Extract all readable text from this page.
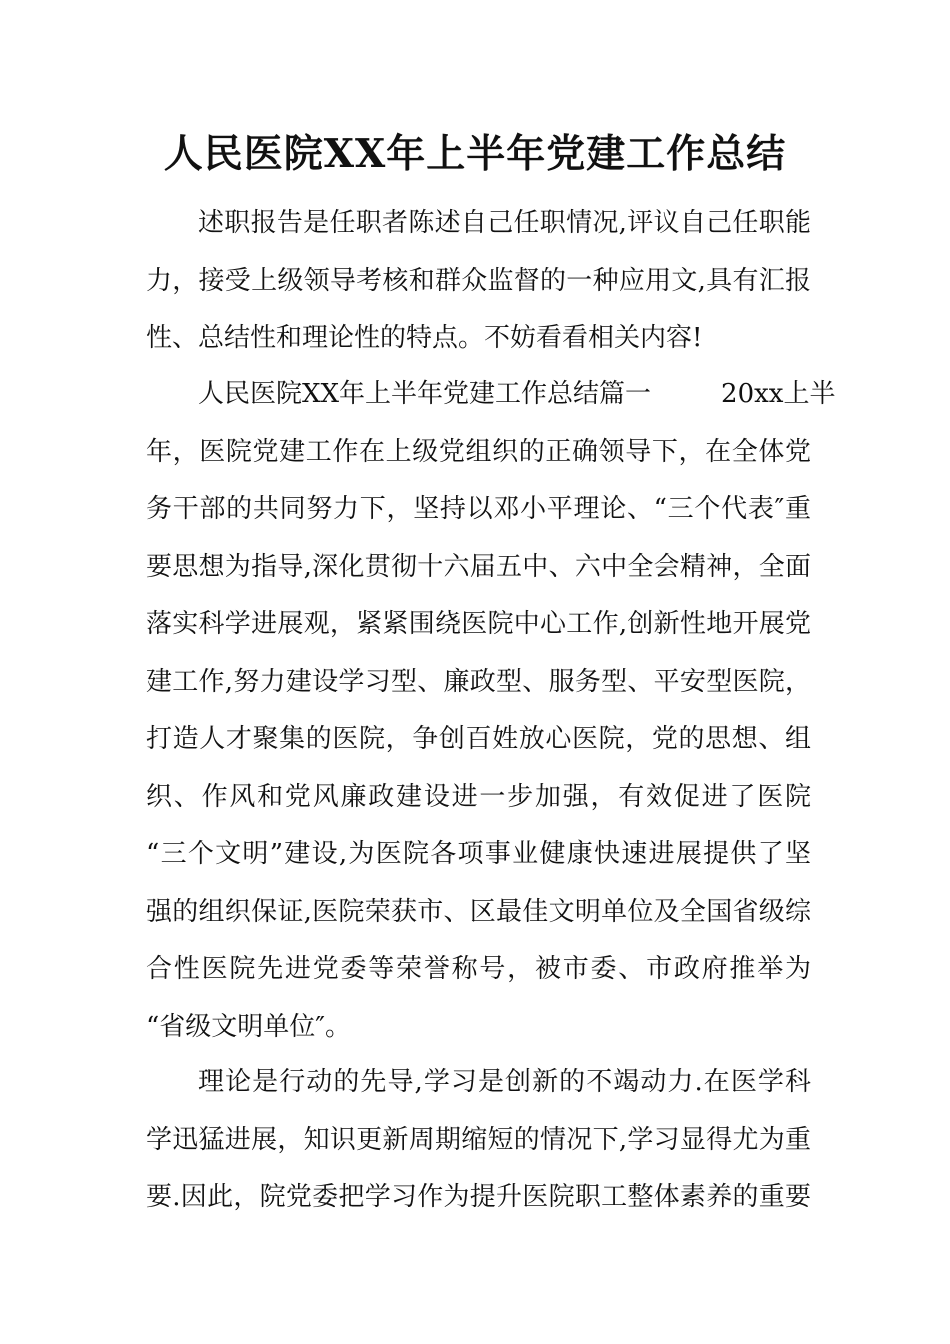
人民医院XX年上半年党建工作总结
述职报告是任职者陈述自己任职情况,评议自己任职能
力，接受上级领导考核和群众监督的一种应用文,具有汇报
性、总结性和理论性的特点。不妨看看相关内容!
人民医院XX年上半年党建工作总结篇一	20xx上半
年，医院党建工作在上级党组织的正确领导下，在全体党
务干部的共同努力下，坚持以邓小平理论、“三个代表″重
要思想为指导,深化贯彻十六届五中、六中全会精神，全面
落实科学进展观，紧紧围绕医院中心工作,创新性地开展党
建工作,努力建设学习型、廉政型、服务型、平安型医院，
打造人才聚集的医院，争创百姓放心医院，党的思想、组
织、作风和党风廉政建设进一步加强，有效促进了医院
“三个文明”建设,为医院各项事业健康快速进展提供了坚
强的组织保证,医院荣获市、区最佳文明单位及全国省级综
合性医院先进党委等荣誉称号，被市委、市政府推举为
“省级文明单位″。
理论是行动的先导,学习是创新的不竭动力.在医学科
学迅猛进展，知识更新周期缩短的情况下,学习显得尤为重
要.因此，院党委把学习作为提升医院职工整体素养的重要
